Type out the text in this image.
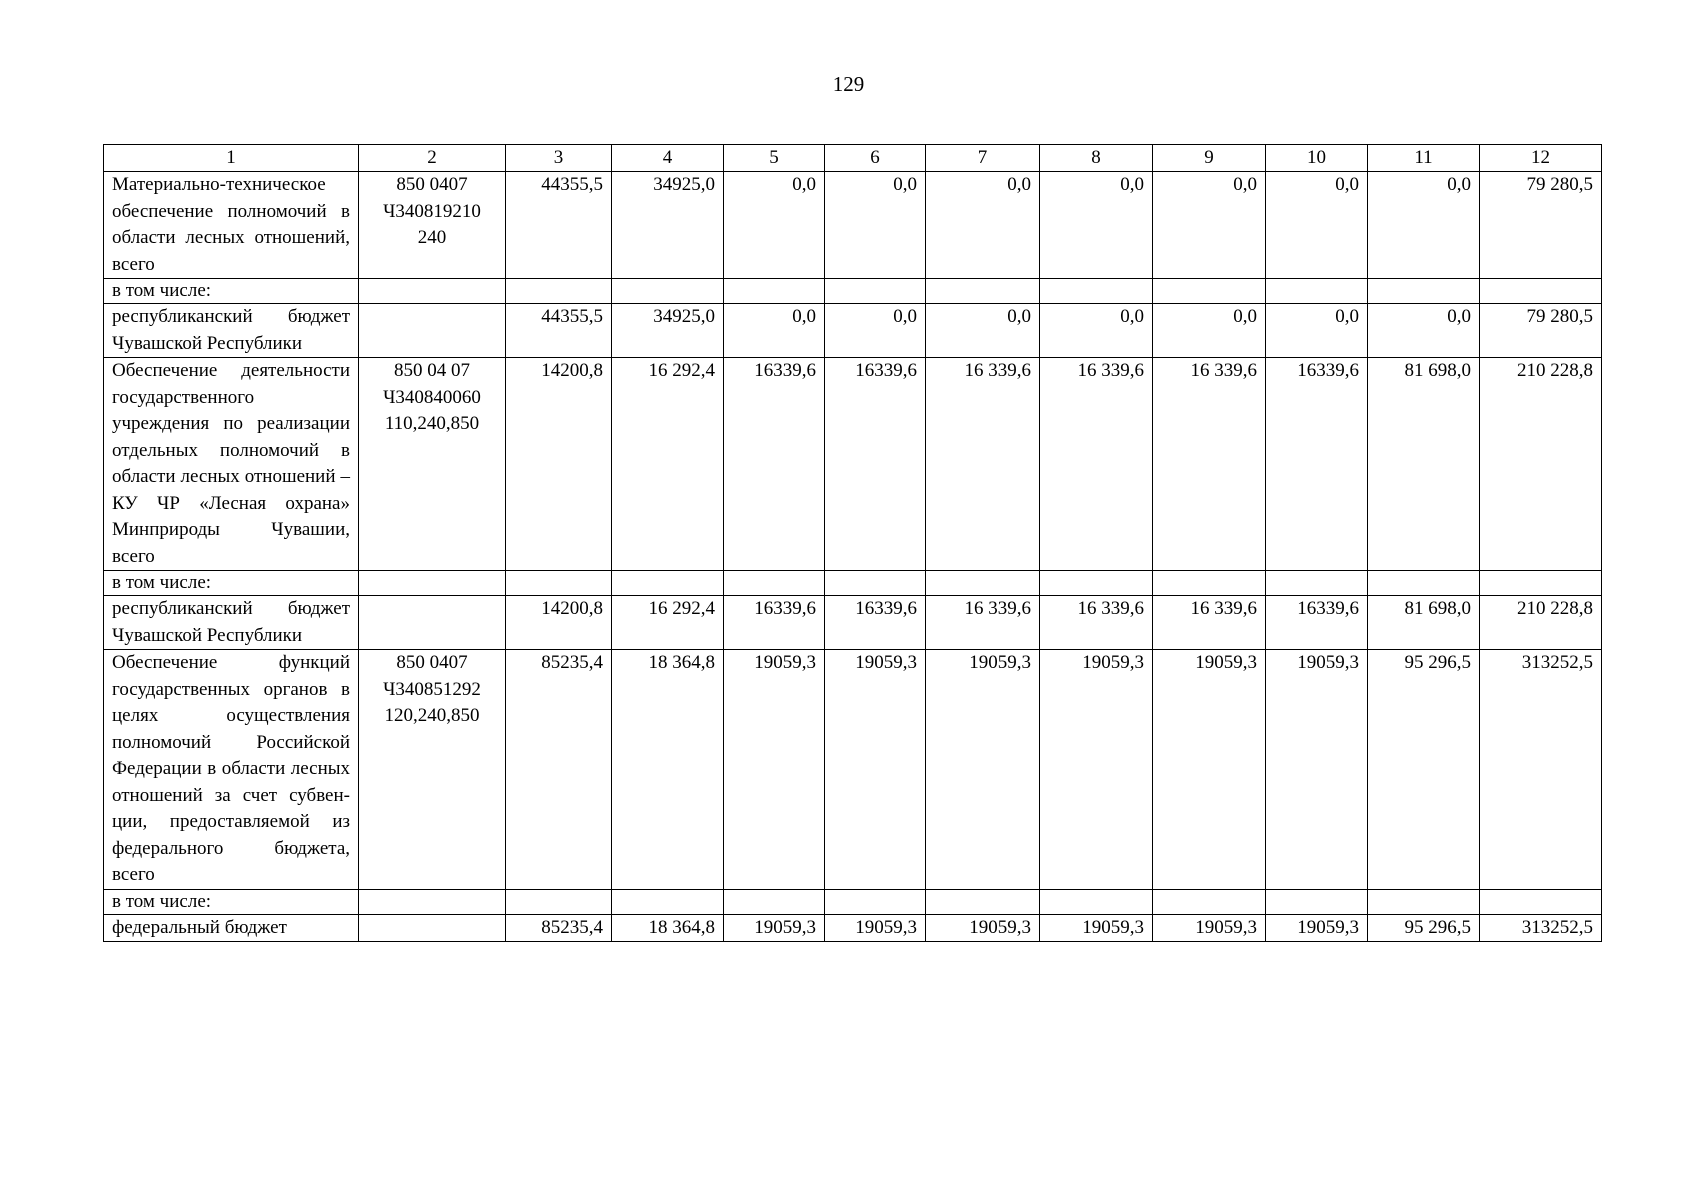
129
1	2	3	4	5	6	7	8	9	10	11	12
Материально-техническое обеспечение полномочий в области лесных отношений, всего	850 0407 Ч340819210 240	44355,5	34925,0	0,0	0,0	0,0	0,0	0,0	0,0	0,0	79 280,5
в том числе:											
республиканский бюджет Чувашской Республики		44355,5	34925,0	0,0	0,0	0,0	0,0	0,0	0,0	0,0	79 280,5
Обеспечение деятельности государственного учреждения по реализации отдельных полномочий в области лесных отношений – КУ ЧР «Лесная охрана» Минприроды Чувашии, всего	850 04 07 Ч340840060 110,240,850	14200,8	16 292,4	16339,6	16339,6	16 339,6	16 339,6	16 339,6	16339,6	81 698,0	210 228,8
в том числе:											
республиканский бюджет Чувашской Республики		14200,8	16 292,4	16339,6	16339,6	16 339,6	16 339,6	16 339,6	16339,6	81 698,0	210 228,8
Обеспечение функций государственных органов в целях осуществления полномочий Российской Федерации в области лесных отношений за счет субвенции, предоставляемой из федерального бюджета, всего	850 0407 Ч340851292 120,240,850	85235,4	18 364,8	19059,3	19059,3	19059,3	19059,3	19059,3	19059,3	95 296,5	313252,5
в том числе:											
федеральный бюджет		85235,4	18 364,8	19059,3	19059,3	19059,3	19059,3	19059,3	19059,3	95 296,5	313252,5
